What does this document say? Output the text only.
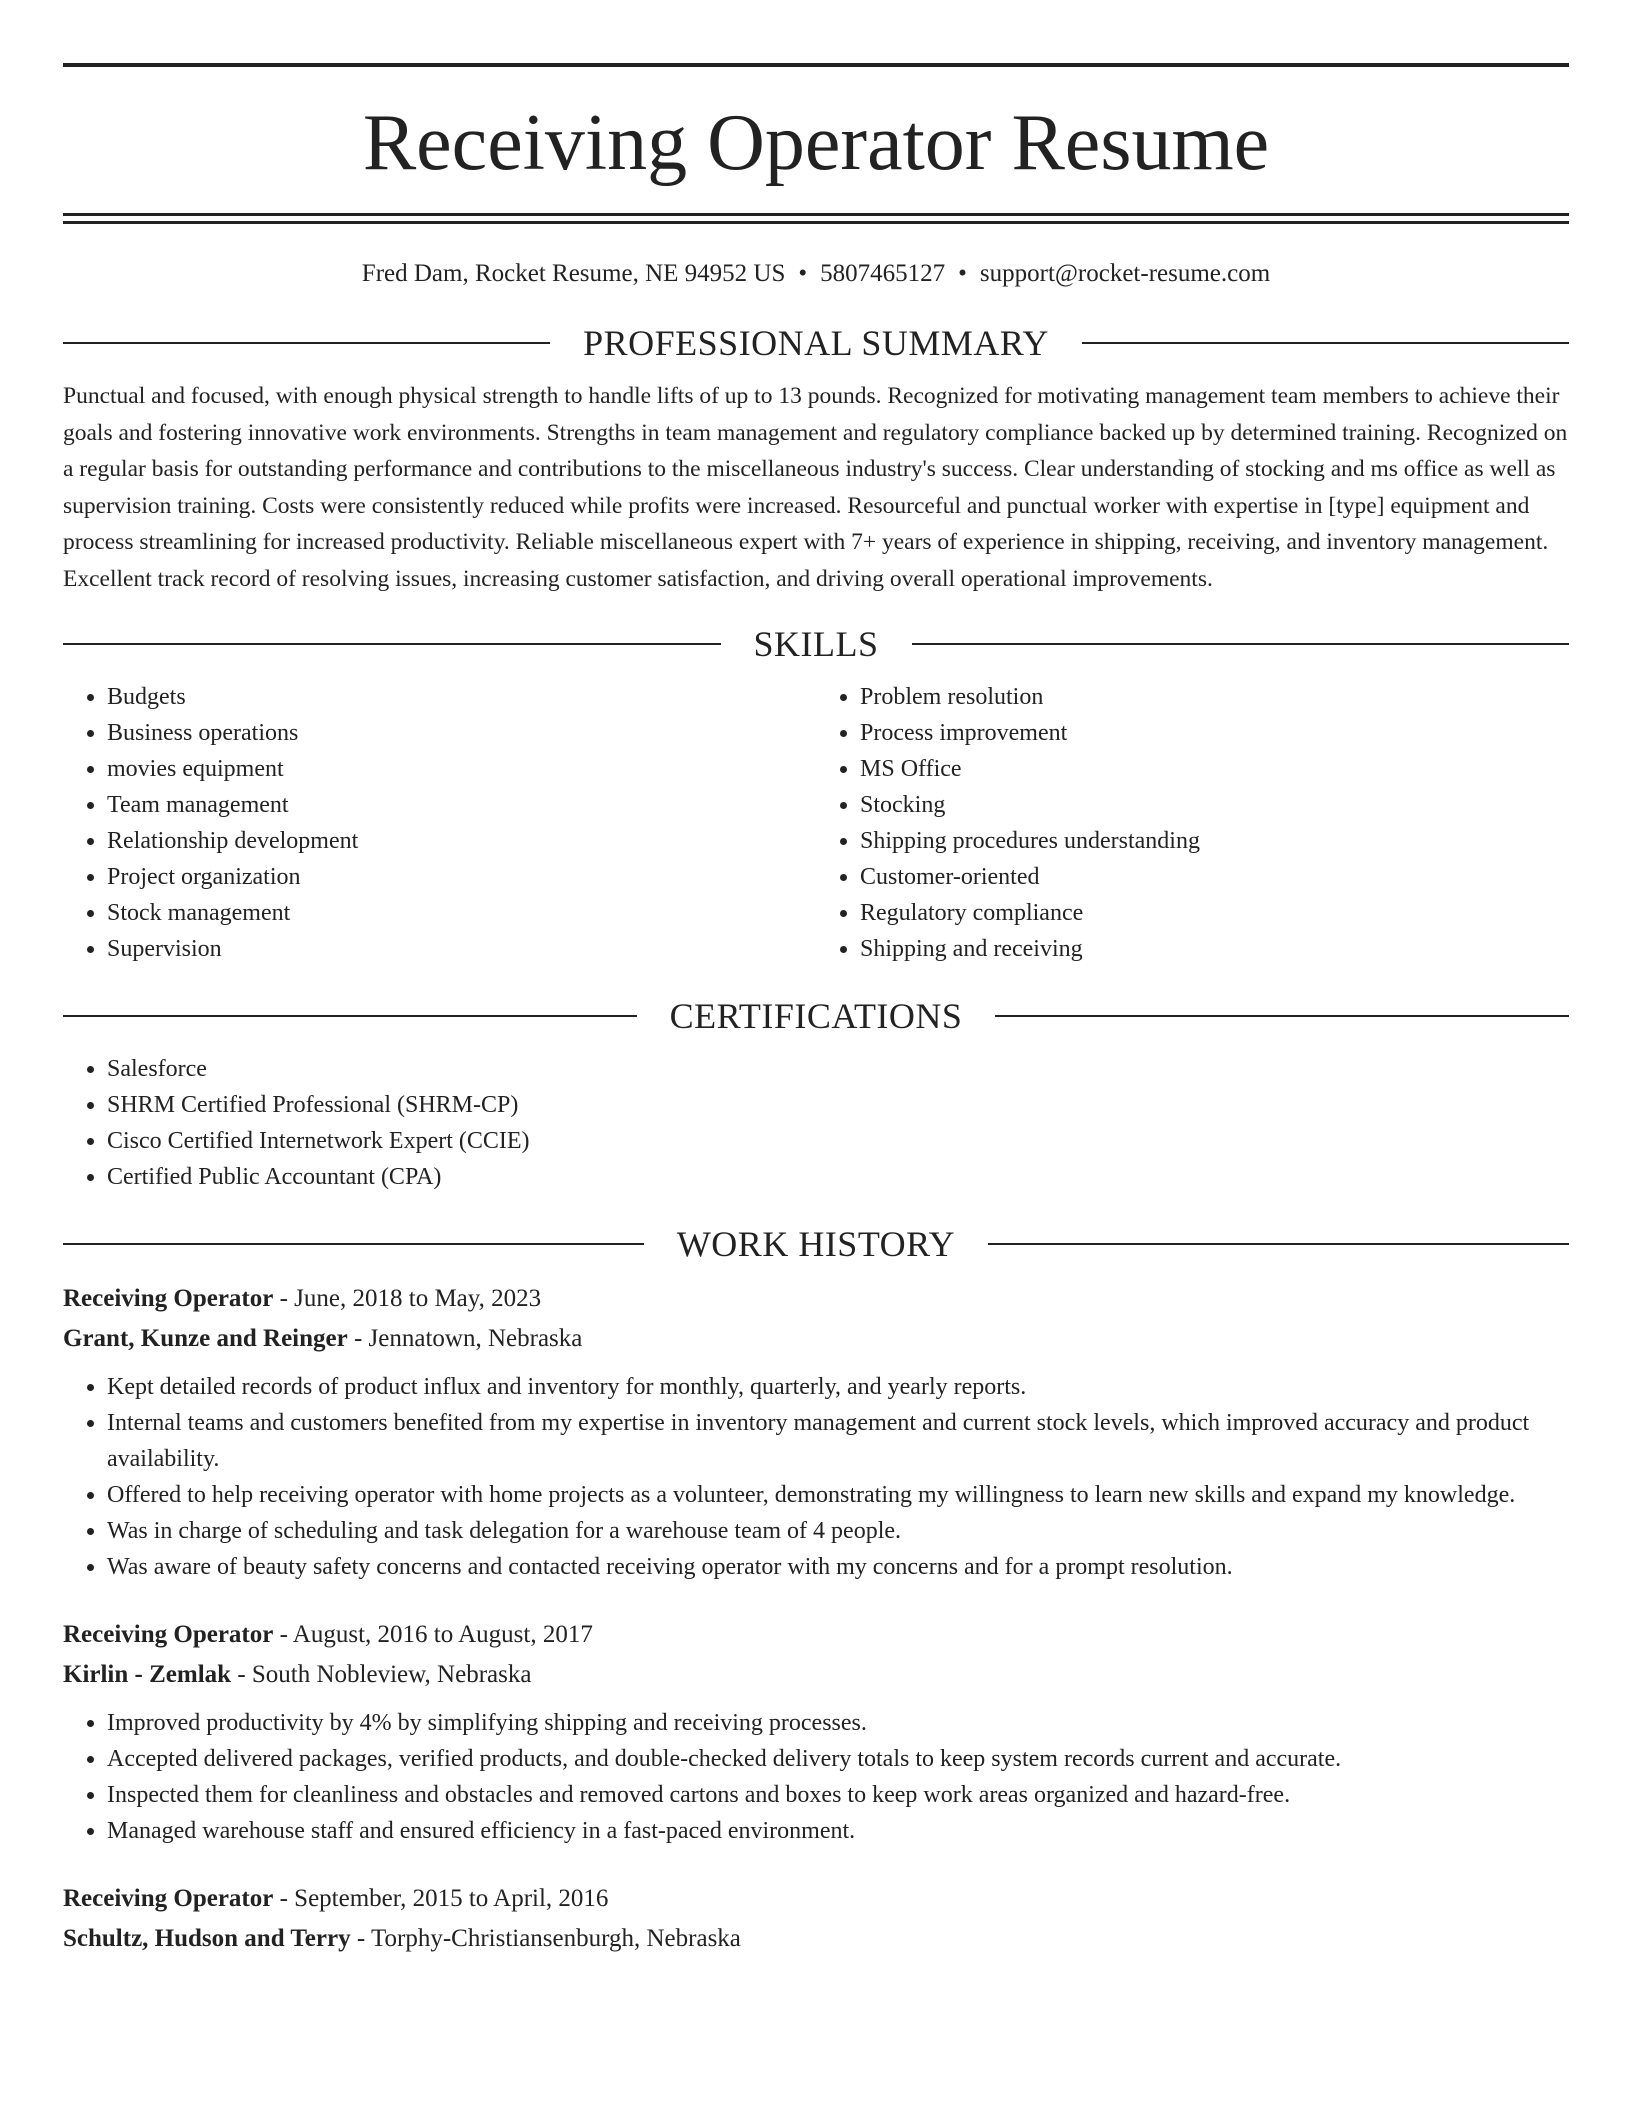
Receiving Operator Resume
Fred Dam, Rocket Resume, NE 94952 US • 5807465127 • support@rocket-resume.com
PROFESSIONAL SUMMARY

Punctual and focused, with enough physical strength to handle lifts of up to 13 pounds. Recognized for motivating management team members to achieve their goals and fostering innovative work environments. Strengths in team management and regulatory compliance backed up by determined training. Recognized on a regular basis for outstanding performance and contributions to the miscellaneous industry's success. Clear understanding of stocking and ms office as well as supervision training. Costs were consistently reduced while profits were increased. Resourceful and punctual worker with expertise in [type] equipment and process streamlining for increased productivity. Reliable miscellaneous expert with 7+ years of experience in shipping, receiving, and inventory management. Excellent track record of resolving issues, increasing customer satisfaction, and driving overall operational improvements.

SKILLS
• Budgets
• Business operations
• movies equipment
• Team management
• Relationship development
• Project organization
• Stock management
• Supervision
• Problem resolution
• Process improvement
• MS Office
• Stocking
• Shipping procedures understanding
• Customer-oriented
• Regulatory compliance
• Shipping and receiving
CERTIFICATIONS
• Salesforce
• SHRM Certified Professional (SHRM-CP)
• Cisco Certified Internetwork Expert (CCIE)
• Certified Public Accountant (CPA)
WORK HISTORY
Receiving Operator - June, 2018 to May, 2023
Grant, Kunze and Reinger - Jennatown, Nebraska
• Kept detailed records of product influx and inventory for monthly, quarterly, and yearly reports.
• Internal teams and customers benefited from my expertise in inventory management and current stock levels, which improved accuracy and product availability.
• Offered to help receiving operator with home projects as a volunteer, demonstrating my willingness to learn new skills and expand my knowledge.
• Was in charge of scheduling and task delegation for a warehouse team of 4 people.
• Was aware of beauty safety concerns and contacted receiving operator with my concerns and for a prompt resolution.
Receiving Operator - August, 2016 to August, 2017
Kirlin - Zemlak - South Nobleview, Nebraska
• Improved productivity by 4% by simplifying shipping and receiving processes.
• Accepted delivered packages, verified products, and double-checked delivery totals to keep system records current and accurate.
• Inspected them for cleanliness and obstacles and removed cartons and boxes to keep work areas organized and hazard-free.
• Managed warehouse staff and ensured efficiency in a fast-paced environment.
Receiving Operator - September, 2015 to April, 2016
Schultz, Hudson and Terry - Torphy-Christiansenburgh, Nebraska
